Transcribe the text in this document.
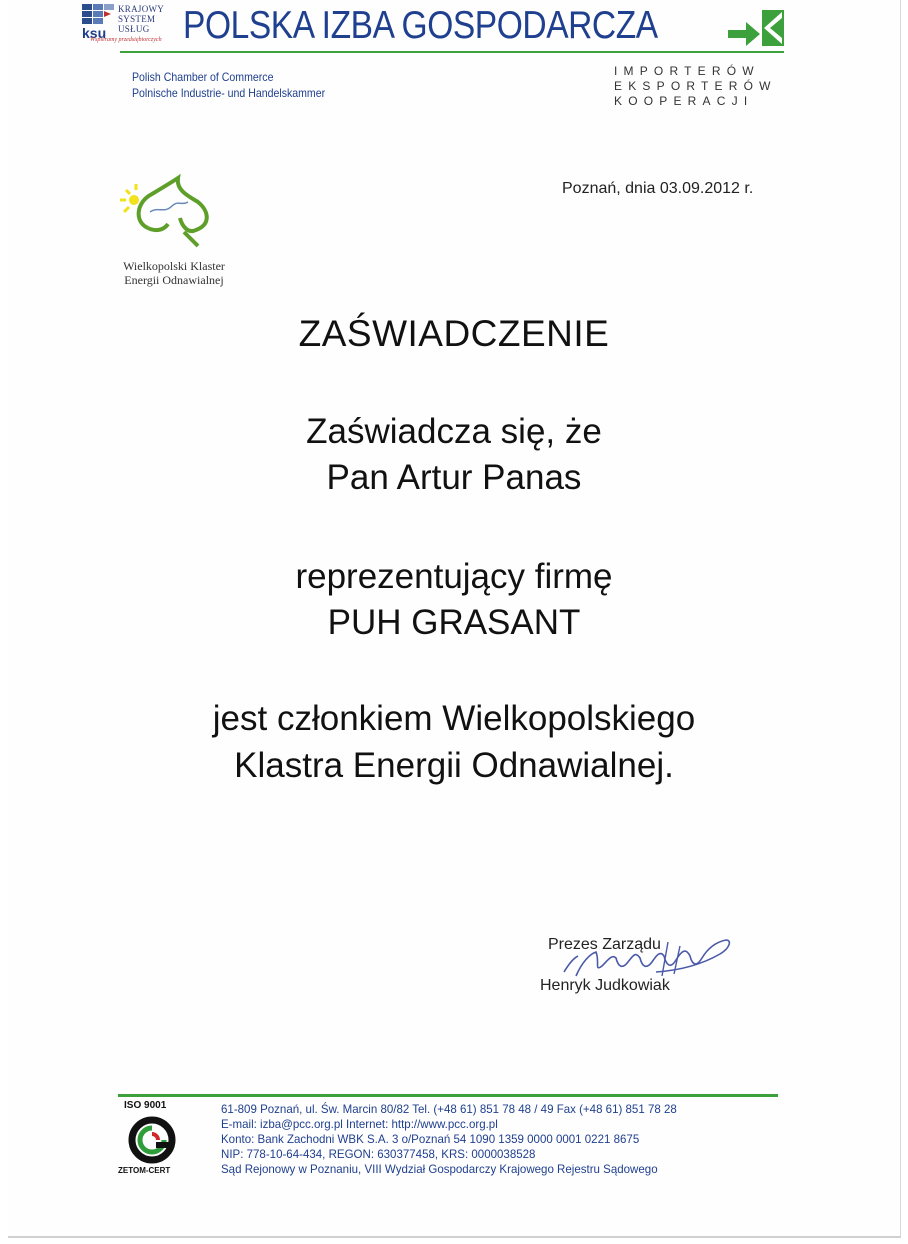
KRAJOWY
SYSTEM
USŁUG
ksu
Wspieramy przedsiębiorczych POLSKA IZBA GOSPODARCZA
Polish Chamber of Commerce
Polnische Industrie- und Handelskammer
IMPORTERÓW
EKSPORTERÓW
KOOPERACJI
Wielkopolski Klaster
Energii Odnawialnej
Poznań, dnia 03.09.2012 r.
ZAŚWIADCZENIE
Zaświadcza się, że
Pan Artur Panas
reprezentujący firmę
PUH GRASANT
jest członkiem Wielkopolskiego
Klastra Energii Odnawialnej.
Prezes Zarządu
Henryk Judkowiak
ISO 9001
ZETOM-CERT
61-809 Poznań, ul. Św. Marcin 80/82 Tel. (+48 61) 851 78 48 / 49 Fax (+48 61) 851 78 28
E-mail: izba@pcc.org.pl Internet: http://www.pcc.org.pl
Konto: Bank Zachodni WBK S.A. 3 o/Poznań 54 1090 1359 0000 0001 0221 8675
NIP: 778-10-64-434, REGON: 630377458, KRS: 0000038528
Sąd Rejonowy w Poznaniu, VIII Wydział Gospodarczy Krajowego Rejestru Sądowego
